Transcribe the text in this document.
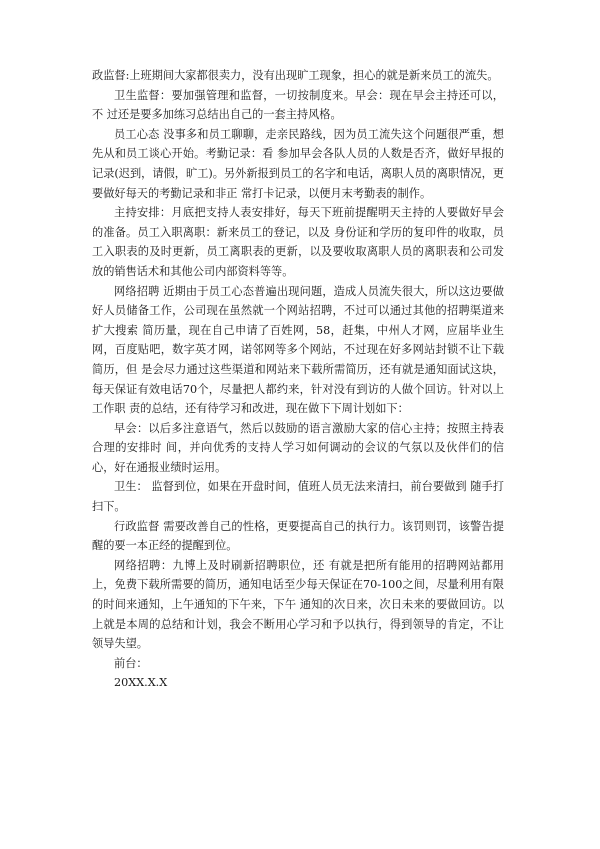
政监督:上班期间大家都很卖力，没有出现旷工现象，担心的就是新来员工的流失。

卫生监督：要加强管理和监督，一切按制度来。早会：现在早会主持还可以，不 过还是要多加练习总结出自己的一套主持风格。

员工心态 没事多和员工聊聊，走亲民路线，因为员工流失这个问题很严重，想先从和员工谈心开始。考勤记录：看 参加早会各队人员的人数是否齐，做好早报的记录(迟到，请假，旷工)。另外新报到员工的名字和电话，离职人员的离职情况，更要做好每天的考勤记录和非正 常打卡记录，以便月末考勤表的制作。

主持安排：月底把支持人表安排好，每天下班前提醒明天主持的人要做好早会的准备。员工入职离职：新来员工的登记，以及 身份证和学历的复印件的收取，员工入职表的及时更新，员工离职表的更新，以及要收取离职人员的离职表和公司发放的销售话术和其他公司内部资料等等。

网络招聘 近期由于员工心态普遍出现问题，造成人员流失很大，所以这边要做好人员储备工作，公司现在虽然就一个网站招聘，不过可以通过其他的招聘渠道来扩大搜索 简历量，现在自己申请了百姓网，58，赶集，中州人才网，应届毕业生网，百度贴吧，数字英才网，诺邻网等多个网站，不过现在好多网站封锁不让下载简历，但 是会尽力通过这些渠道和网站来下载所需简历，还有就是通知面试这块，每天保证有效电话70个，尽量把人都约来，针对没有到访的人做个回访。针对以上工作职 责的总结，还有待学习和改进，现在做下下周计划如下：

早会：以后多注意语气，然后以鼓励的语言激励大家的信心主持；按照主持表合理的安排时 间，并向优秀的支持人学习如何调动的会议的气氛以及伙伴们的信心，好在通报业绩时运用。

卫生： 监督到位，如果在开盘时间，值班人员无法来清扫，前台要做到 随手打扫下。

行政监督 需要改善自己的性格，更要提高自己的执行力。该罚则罚，该警告提醒的要一本正经的提醒到位。

网络招聘：九博上及时刷新招聘职位，还 有就是把所有能用的招聘网站都用上，免费下载所需要的简历，通知电话至少每天保证在70-100之间，尽量利用有限的时间来通知，上午通知的下午来，下午 通知的次日来，次日未来的要做回访。以上就是本周的总结和计划，我会不断用心学习和予以执行，得到领导的肯定，不让领导失望。

前台：

20XX.X.X
